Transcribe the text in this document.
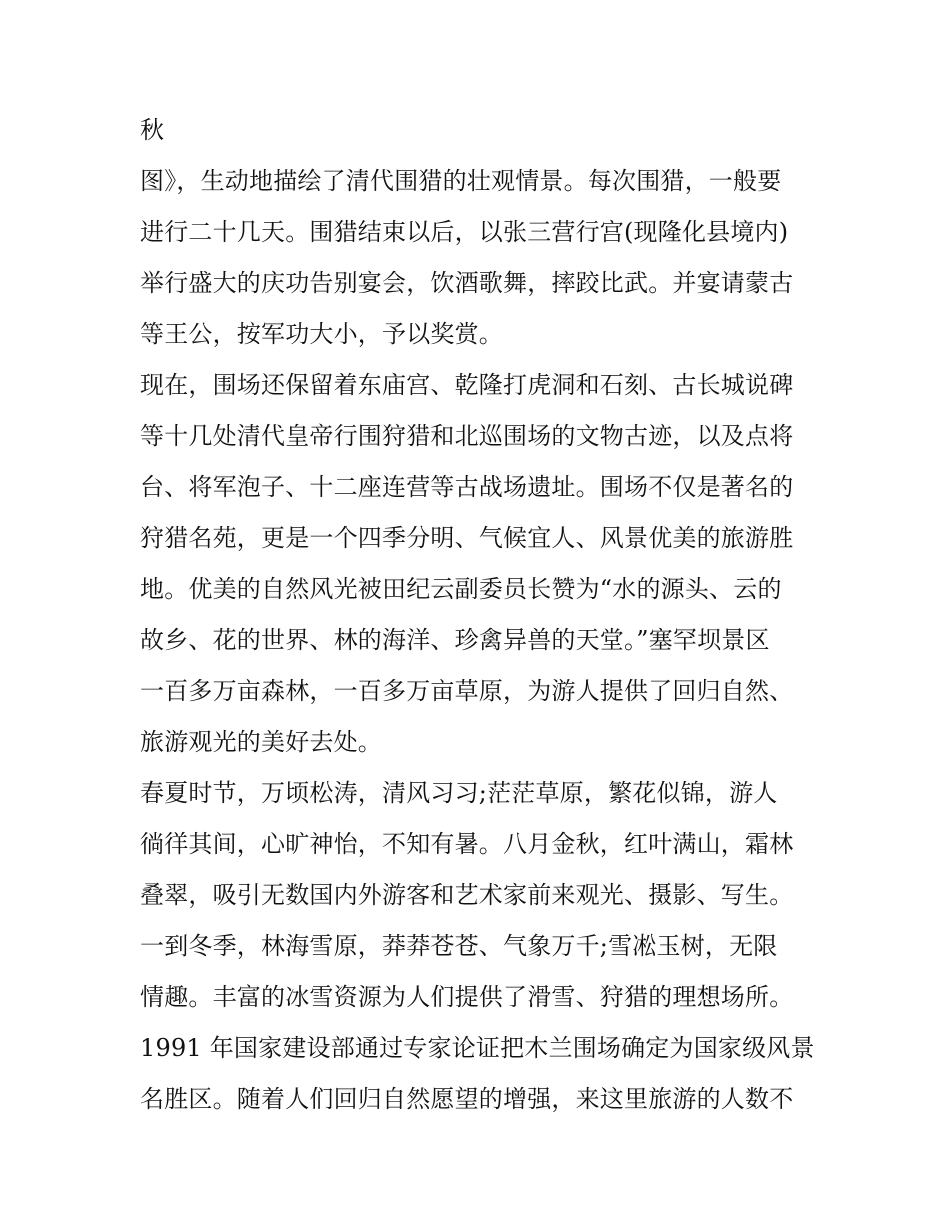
秋
图》，生动地描绘了清代围猎的壮观情景。每次围猎，一般要
进行二十几天。围猎结束以后，以张三营行宫(现隆化县境内)
举行盛大的庆功告别宴会，饮酒歌舞，摔跤比武。并宴请蒙古
等王公，按军功大小，予以奖赏。
现在，围场还保留着东庙宫、乾隆打虎洞和石刻、古长城说碑
等十几处清代皇帝行围狩猎和北巡围场的文物古迹，以及点将
台、将军泡子、十二座连营等古战场遗址。围场不仅是著名的
狩猎名苑，更是一个四季分明、气候宜人、风景优美的旅游胜
地。优美的自然风光被田纪云副委员长赞为“水的源头、云的
故乡、花的世界、林的海洋、珍禽异兽的天堂。”塞罕坝景区
一百多万亩森林，一百多万亩草原，为游人提供了回归自然、
旅游观光的美好去处。
春夏时节，万顷松涛，清风习习;茫茫草原，繁花似锦，游人
徜徉其间，心旷神怡，不知有暑。八月金秋，红叶满山，霜林
叠翠，吸引无数国内外游客和艺术家前来观光、摄影、写生。
一到冬季，林海雪原，莽莽苍苍、气象万千;雪凇玉树，无限
情趣。丰富的冰雪资源为人们提供了滑雪、狩猎的理想场所。
1991 年国家建设部通过专家论证把木兰围场确定为国家级风景
名胜区。随着人们回归自然愿望的增强，来这里旅游的人数不
